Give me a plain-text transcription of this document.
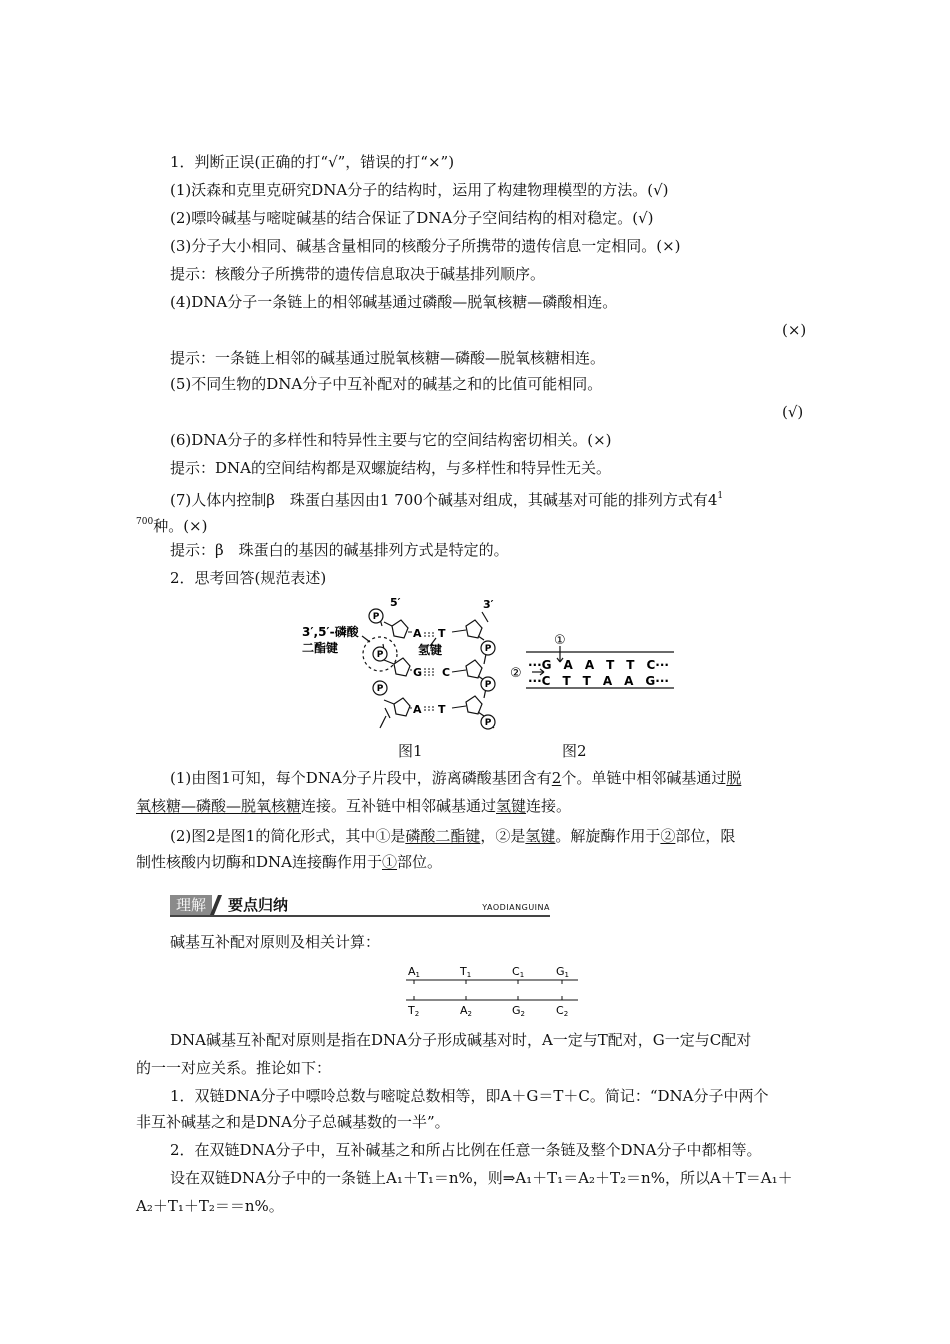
1．判断正误(正确的打“√”，错误的打“×”)
(1)沃森和克里克研究DNA分子的结构时，运用了构建物理模型的方法。(√)
(2)嘌呤碱基与嘧啶碱基的结合保证了DNA分子空间结构的相对稳定。(√)
(3)分子大小相同、碱基含量相同的核酸分子所携带的遗传信息一定相同。(×)
提示：核酸分子所携带的遗传信息取决于碱基排列顺序。
(4)DNA分子一条链上的相邻碱基通过磷酸—脱氧核糖—磷酸相连。
(×)
提示：一条链上相邻的碱基通过脱氧核糖—磷酸—脱氧核糖相连。
(5)不同生物的DNA分子中互补配对的碱基之和的比值可能相同。
(√)
(6)DNA分子的多样性和特异性主要与它的空间结构密切相关。(×)
提示：DNA的空间结构都是双螺旋结构，与多样性和特异性无关。
(7)人体内控制β　珠蛋白基因由1 700个碱基对组成，其碱基对可能的排列方式有$4^1$
$^{700}$种。(×)
提示：β　珠蛋白的基因的碱基排列方式是特定的。
2．思考回答(规范表述)
P
P
P
P
P
P
5′	3′
A
G
A
T
C
T
3′,5′-磷酸
二酯键	氢键
①
②
···G　A　A　T　T　C···
···C　T　T　A　A　G···
图1	图2
(1)由图1可知，每个DNA分子片段中，游离磷酸基团含有2个。单链中相邻碱基通过脱
氧核糖—磷酸—脱氧核糖连接。互补链中相邻碱基通过氢键连接。
(2)图2是图1的简化形式，其中①是磷酸二酯键，②是氢键。解旋酶作用于②部位，限
制性核酸内切酶和DNA连接酶作用于①部位。
理解	要点归纳	YAODIANGUINA
碱基互补配对原则及相关计算：
A1	T1	C1	G1
T2	A2	G2	C2
DNA碱基互补配对原则是指在DNA分子形成碱基对时，A一定与T配对，G一定与C配对
的一一对应关系。推论如下：
1．双链DNA分子中嘌呤总数与嘧啶总数相等，即A＋G＝T＋C。简记：“DNA分子中两个
非互补碱基之和是DNA分子总碱基数的一半”。
2．在双链DNA分子中，互补碱基之和所占比例在任意一条链及整个DNA分子中都相等。
设在双链DNA分子中的一条链上A₁＋T₁＝n%，则⇒A₁＋T₁＝A₂＋T₂＝n%，所以A＋T＝A₁＋
A₂＋T₁＋T₂＝＝n%。
